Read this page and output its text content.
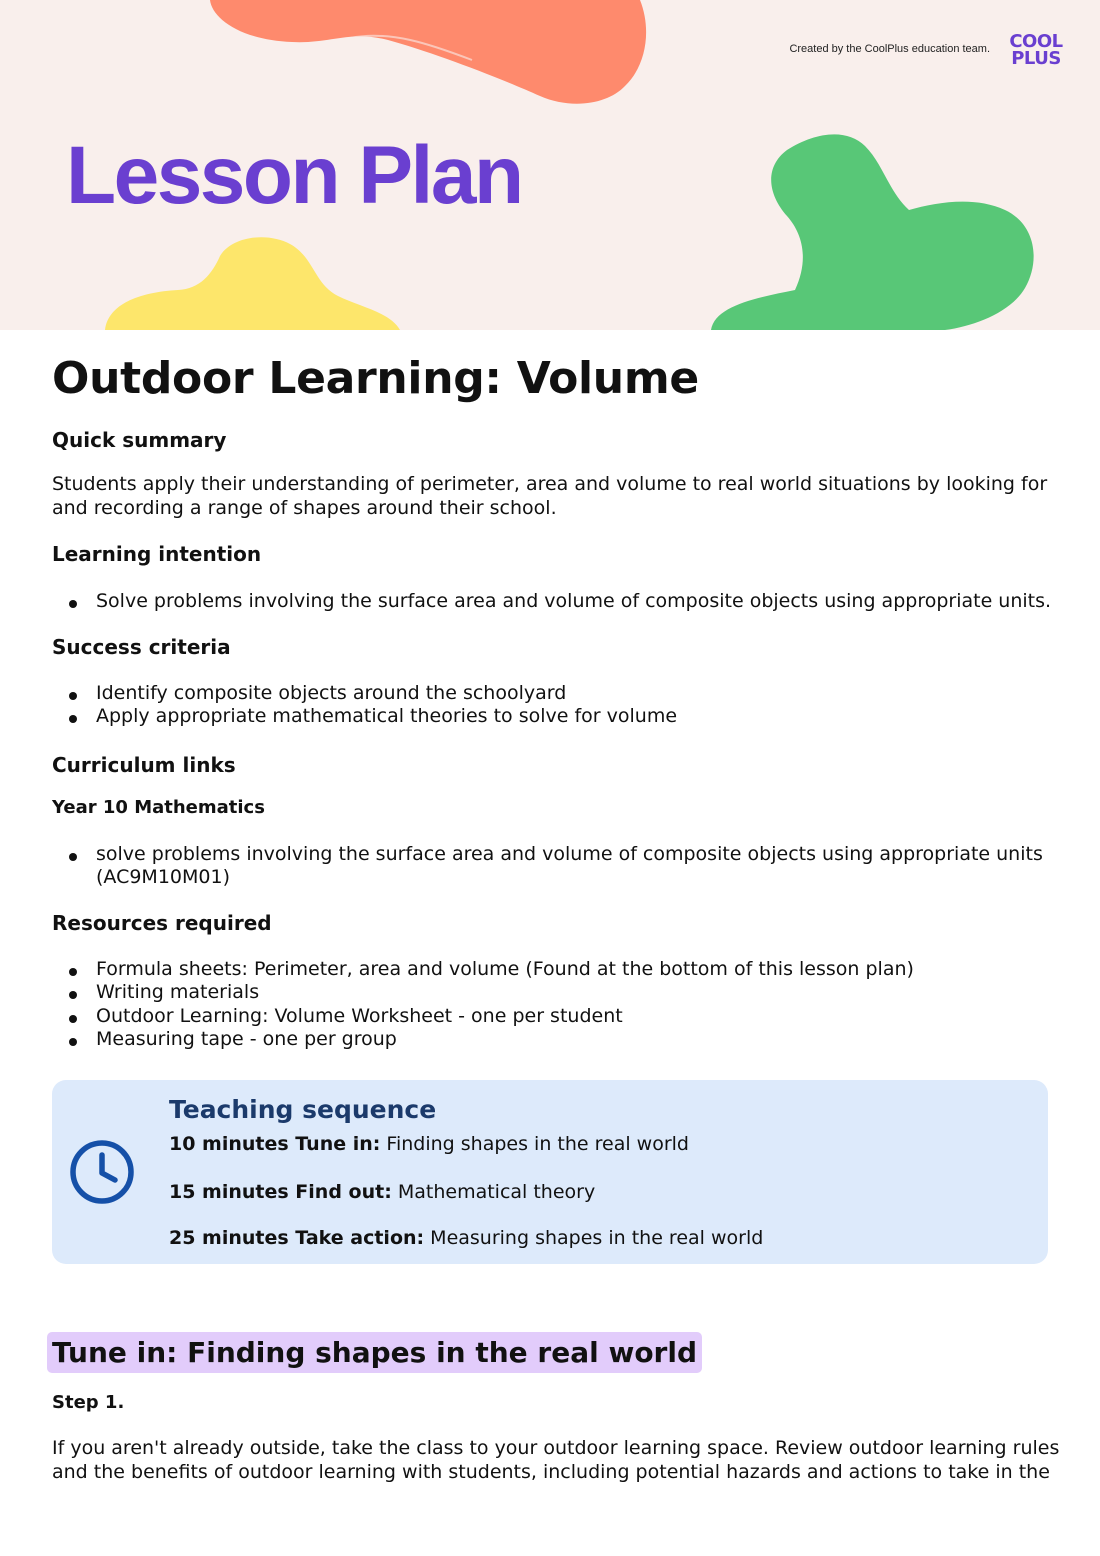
Created by the CoolPlus education team.	COOL
PLUS
Lesson Plan
Outdoor Learning: Volume
Quick summary

Students apply their understanding of perimeter, area and volume to real world situations by looking for and recording a range of shapes around their school.

Learning intention
Solve problems involving the surface area and volume of composite objects using appropriate units.
Success criteria
Identify composite objects around the schoolyard
Apply appropriate mathematical theories to solve for volume
Curriculum links
Year 10 Mathematics
solve problems involving the surface area and volume of composite objects using appropriate units (AC9M10M01)
Resources required
Formula sheets: Perimeter, area and volume (Found at the bottom of this lesson plan)
Writing materials
Outdoor Learning: Volume Worksheet - one per student
Measuring tape - one per group
Teaching sequence
10 minutes Tune in: Finding shapes in the real world
15 minutes Find out: Mathematical theory
25 minutes Take action: Measuring shapes in the real world
Tune in: Finding shapes in the real world
Step 1.

If you aren't already outside, take the class to your outdoor learning space. Review outdoor learning rules and the benefits of outdoor learning with students, including potential hazards and actions to take in the
